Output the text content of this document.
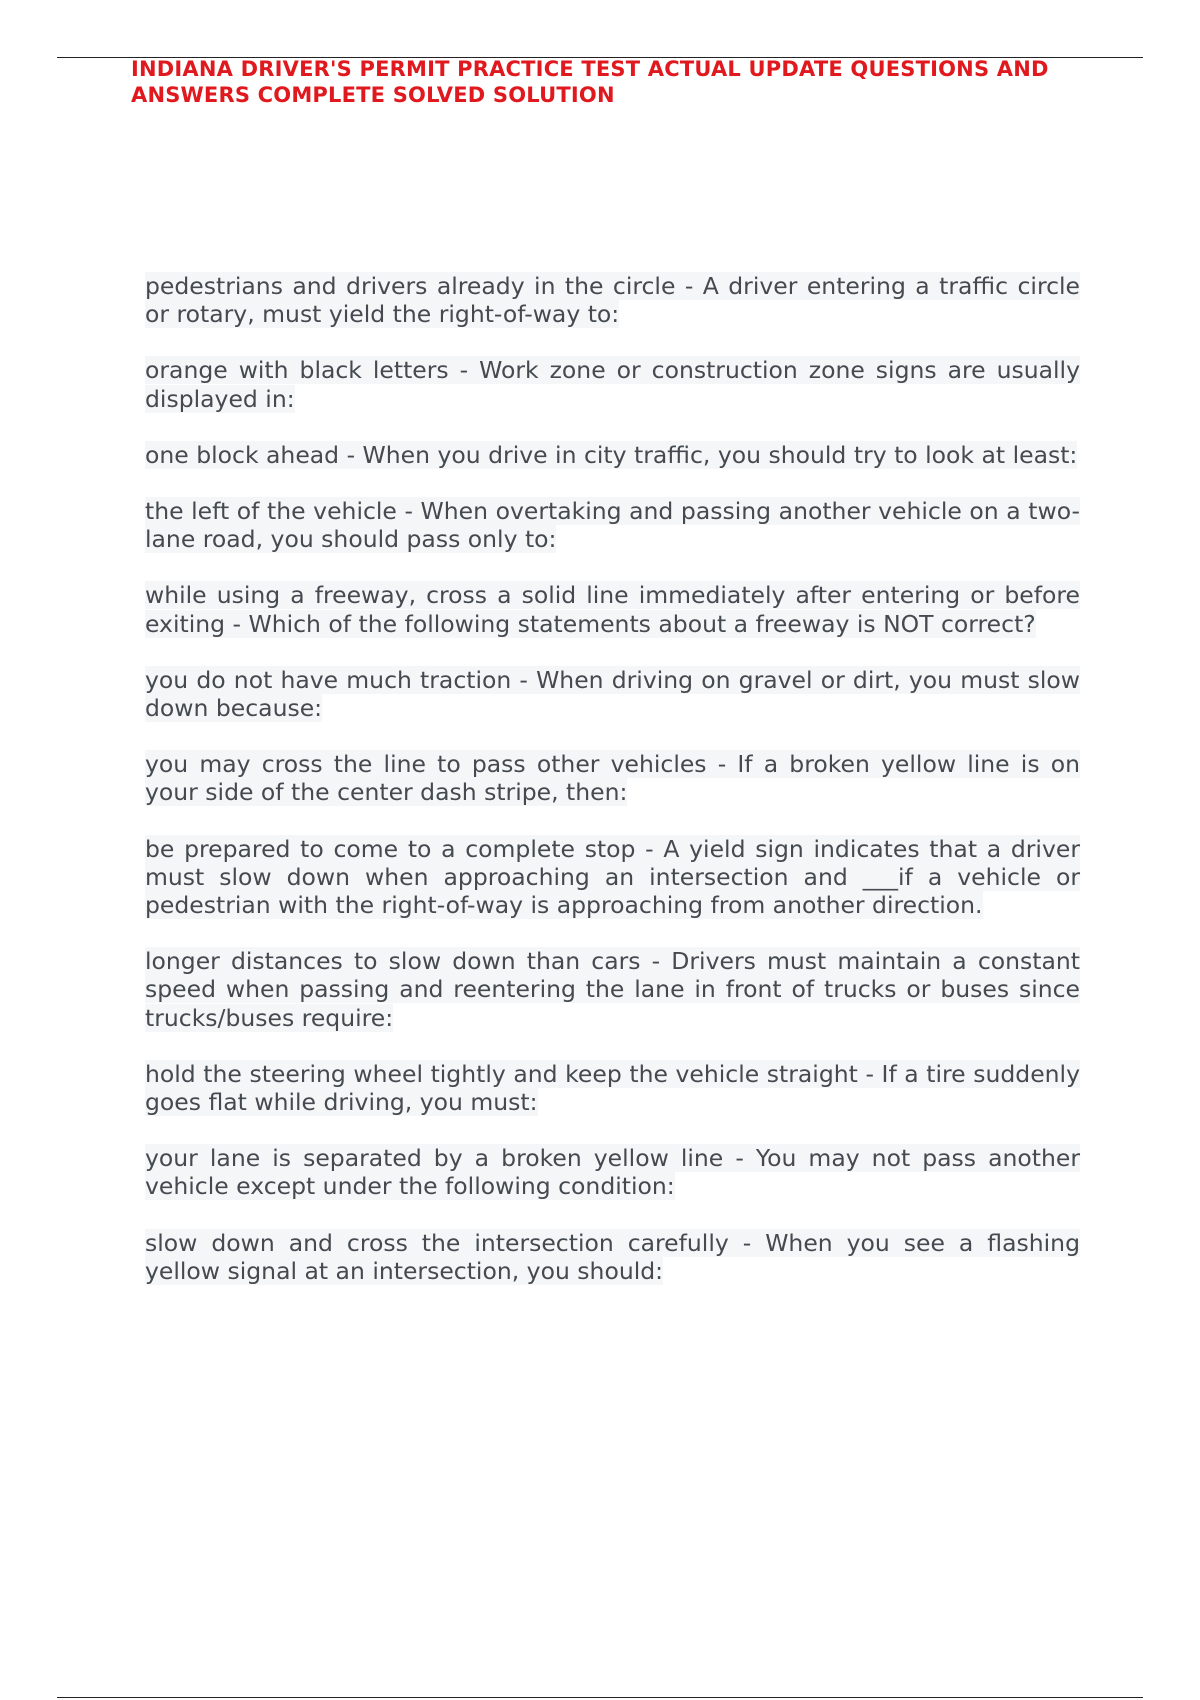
INDIANA DRIVER'S PERMIT PRACTICE TEST ACTUAL UPDATE QUESTIONS AND ANSWERS COMPLETE SOLVED SOLUTION
pedestrians and drivers already in the circle - A driver entering a traffic circle or rotary, must yield the right-of-way to:
orange with black letters - Work zone or construction zone signs are usually displayed in:
one block ahead - When you drive in city traffic, you should try to look at least:
the left of the vehicle - When overtaking and passing another vehicle on a two-lane road, you should pass only to:
while using a freeway, cross a solid line immediately after entering or before exiting - Which of the following statements about a freeway is NOT correct?
you do not have much traction - When driving on gravel or dirt, you must slow down because:
you may cross the line to pass other vehicles - If a broken yellow line is on your side of the center dash stripe, then:
be prepared to come to a complete stop - A yield sign indicates that a driver must slow down when approaching an intersection and ___if a vehicle or pedestrian with the right-of-way is approaching from another direction.
longer distances to slow down than cars - Drivers must maintain a constant speed when passing and reentering the lane in front of trucks or buses since trucks/buses require:
hold the steering wheel tightly and keep the vehicle straight - If a tire suddenly goes flat while driving, you must:
your lane is separated by a broken yellow line - You may not pass another vehicle except under the following condition:
slow down and cross the intersection carefully - When you see a flashing yellow signal at an intersection, you should:
